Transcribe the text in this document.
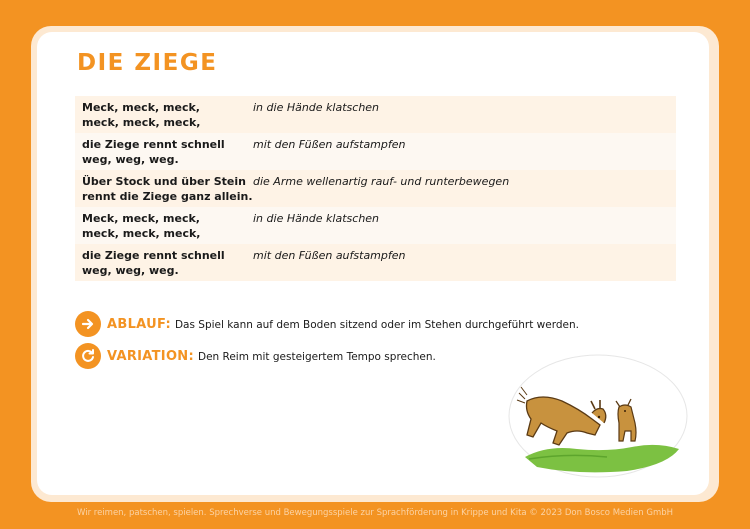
DIE ZIEGE
Meck, meck, meck,
meck, meck, meck,
in die Hände klatschen
die Ziege rennt schnell
weg, weg, weg.
mit den Füßen aufstampfen
Über Stock und über Stein
rennt die Ziege ganz allein.
die Arme wellenartig rauf- und runterbewegen
Meck, meck, meck,
meck, meck, meck,
in die Hände klatschen
die Ziege rennt schnell
weg, weg, weg.
mit den Füßen aufstampfen
ABLAUF: Das Spiel kann auf dem Boden sitzend oder im Stehen durchgeführt werden.
VARIATION: Den Reim mit gesteigertem Tempo sprechen.
Wir reimen, patschen, spielen. Sprechverse und Bewegungsspiele zur Sprachförderung in Krippe und Kita © 2023 Don Bosco Medien GmbH
